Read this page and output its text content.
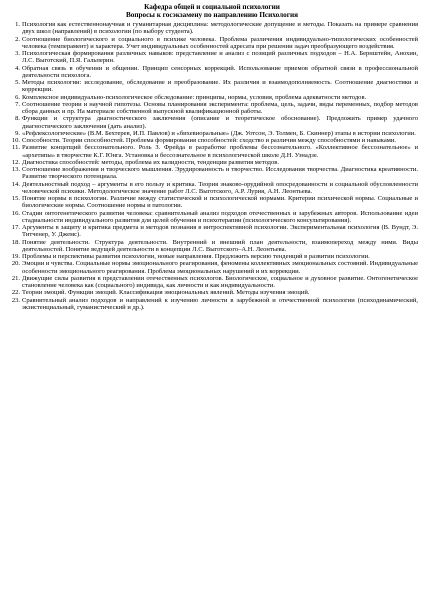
Кафедра общей и социальной психологии

Вопросы к госэкзамену по направлению Психология

1. Психология как естественнонаучная и гуманитарная дисциплина: методологические допущение и методы. Показать на примере сравнения двух школ (направлений) в психологии (по выбору студента).
2. Соотношение биологического и социального в психике человека. Проблема различения индивидуально-типологических особенностей человека (темперамент) и характера. Учет индивидуальных особенностей адресата при решении задач преобразующего воздействия.
3. Психологическая формирования различных навыков: представление и анализ с позиций различных подходов – Н.А. Бернштейн, Анохин, Л.С. Выготский, П.Я. Гальперин.
4. Обратная связь в обучении и общении. Принцип сенсорных коррекций. Использование приемов обратной связи в профессиональной деятельности психолога.
5. Методы психологии: исследование, обследование и преобразование. Их различия и взаимодополняемость. Соотношение диагностики и коррекции.
6. Комплексное индивидуально-психологическое обследование: принципы, нормы, условия, проблема адекватности методов.
7. Соотношение теории и научной гипотезы. Основы планирования эксперимента: проблема, цель, задачи, виды переменных, подбор методов сбора данных и пр. На материале собственной выпускной квалификационной работы.
8. Функции и структура диагностического заключения (описание и теоретическое обоснование). Предложить пример удачного диагностического заключения (дать анализ).
9. «Рефлексологические» (В.М. Бехтерев, И.П. Павлов) и «бихевиоральные» (Дж. Уотсон, Э. Толмен, Б. Скиннер) этапы в истории психологии.
10. Способности. Теории способностей. Проблема формирования способностей: сходство и различия между способностями и навыками.
11. Развитие концепций бессознательного. Роль З. Фрейда в разработке проблемы бессознательного. «Коллективное бессознательное» и «архетипы» в творчестве К.Г. Юнга. Установка и бессознательное в психологической школе Д.Н. Узнадзе.
12. Диагностика способностей: методы, проблема их валидности, тенденции развития методов.
13. Соотношение воображения и творческого мышления. Эрудированность и творчество. Исследования творчества. Диагностика креативности. Развитие творческого потенциала.
14. Деятельностный подход – аргументы в его пользу и критика. Теория знаково-орудийной опосредованности и социальной обусловленности человеческой психики. Методологическое значение работ Л.С. Выготского, А.Р. Лурия, А.Н. Леонтьева.
15. Понятие нормы в психологии. Различие между статистической и психологической нормами. Критерии психической нормы. Социальные и биологические нормы. Соотношение нормы и патологии.
16. Стадии онтогенетического развития человека: сравнительный анализ подходов отечественных и зарубежных авторов. Использование идеи стадиальности индивидуального развития для целей обучения и психотерапии (психологического консультирования).
17. Аргументы в защиту и критика предмета и методов познания в интроспективной психологии. Экспериментальная психология (В. Вундт, Э. Титченер, У. Джемс).
18. Понятие деятельности. Структура деятельности. Внутренний и внешний план деятельности, взаимопереход между ними. Виды деятельностей. Понятие ведущей деятельности в концепции Л.С. Выготского–А.Н. Леонтьева.
19. Проблемы и перспективы развития психологии, новые направления. Предложить версию тенденций в развитии психологии.
20. Эмоции и чувства. Социальные нормы эмоционального реагирования, феномены коллективных эмоциональных состояний. Индивидуальные особенности эмоционального реагирования. Проблема эмоциональных нарушений и их коррекции.
21. Движущие силы развития в представлении отечественных психологов. Биологическое, социальное и духовное развитие. Онтогенетическое становление человека как (социального) индивида, как личности и как индивидуальности.
22. Теории эмоций. Функции эмоций. Классификация эмоциональных явлений. Методы изучения эмоций.
23. Сравнительный анализ подходов и направлений к изучению личности в зарубежной и отечественной психологии (психодинамический, экзистенциальный, гуманистический и др.).
